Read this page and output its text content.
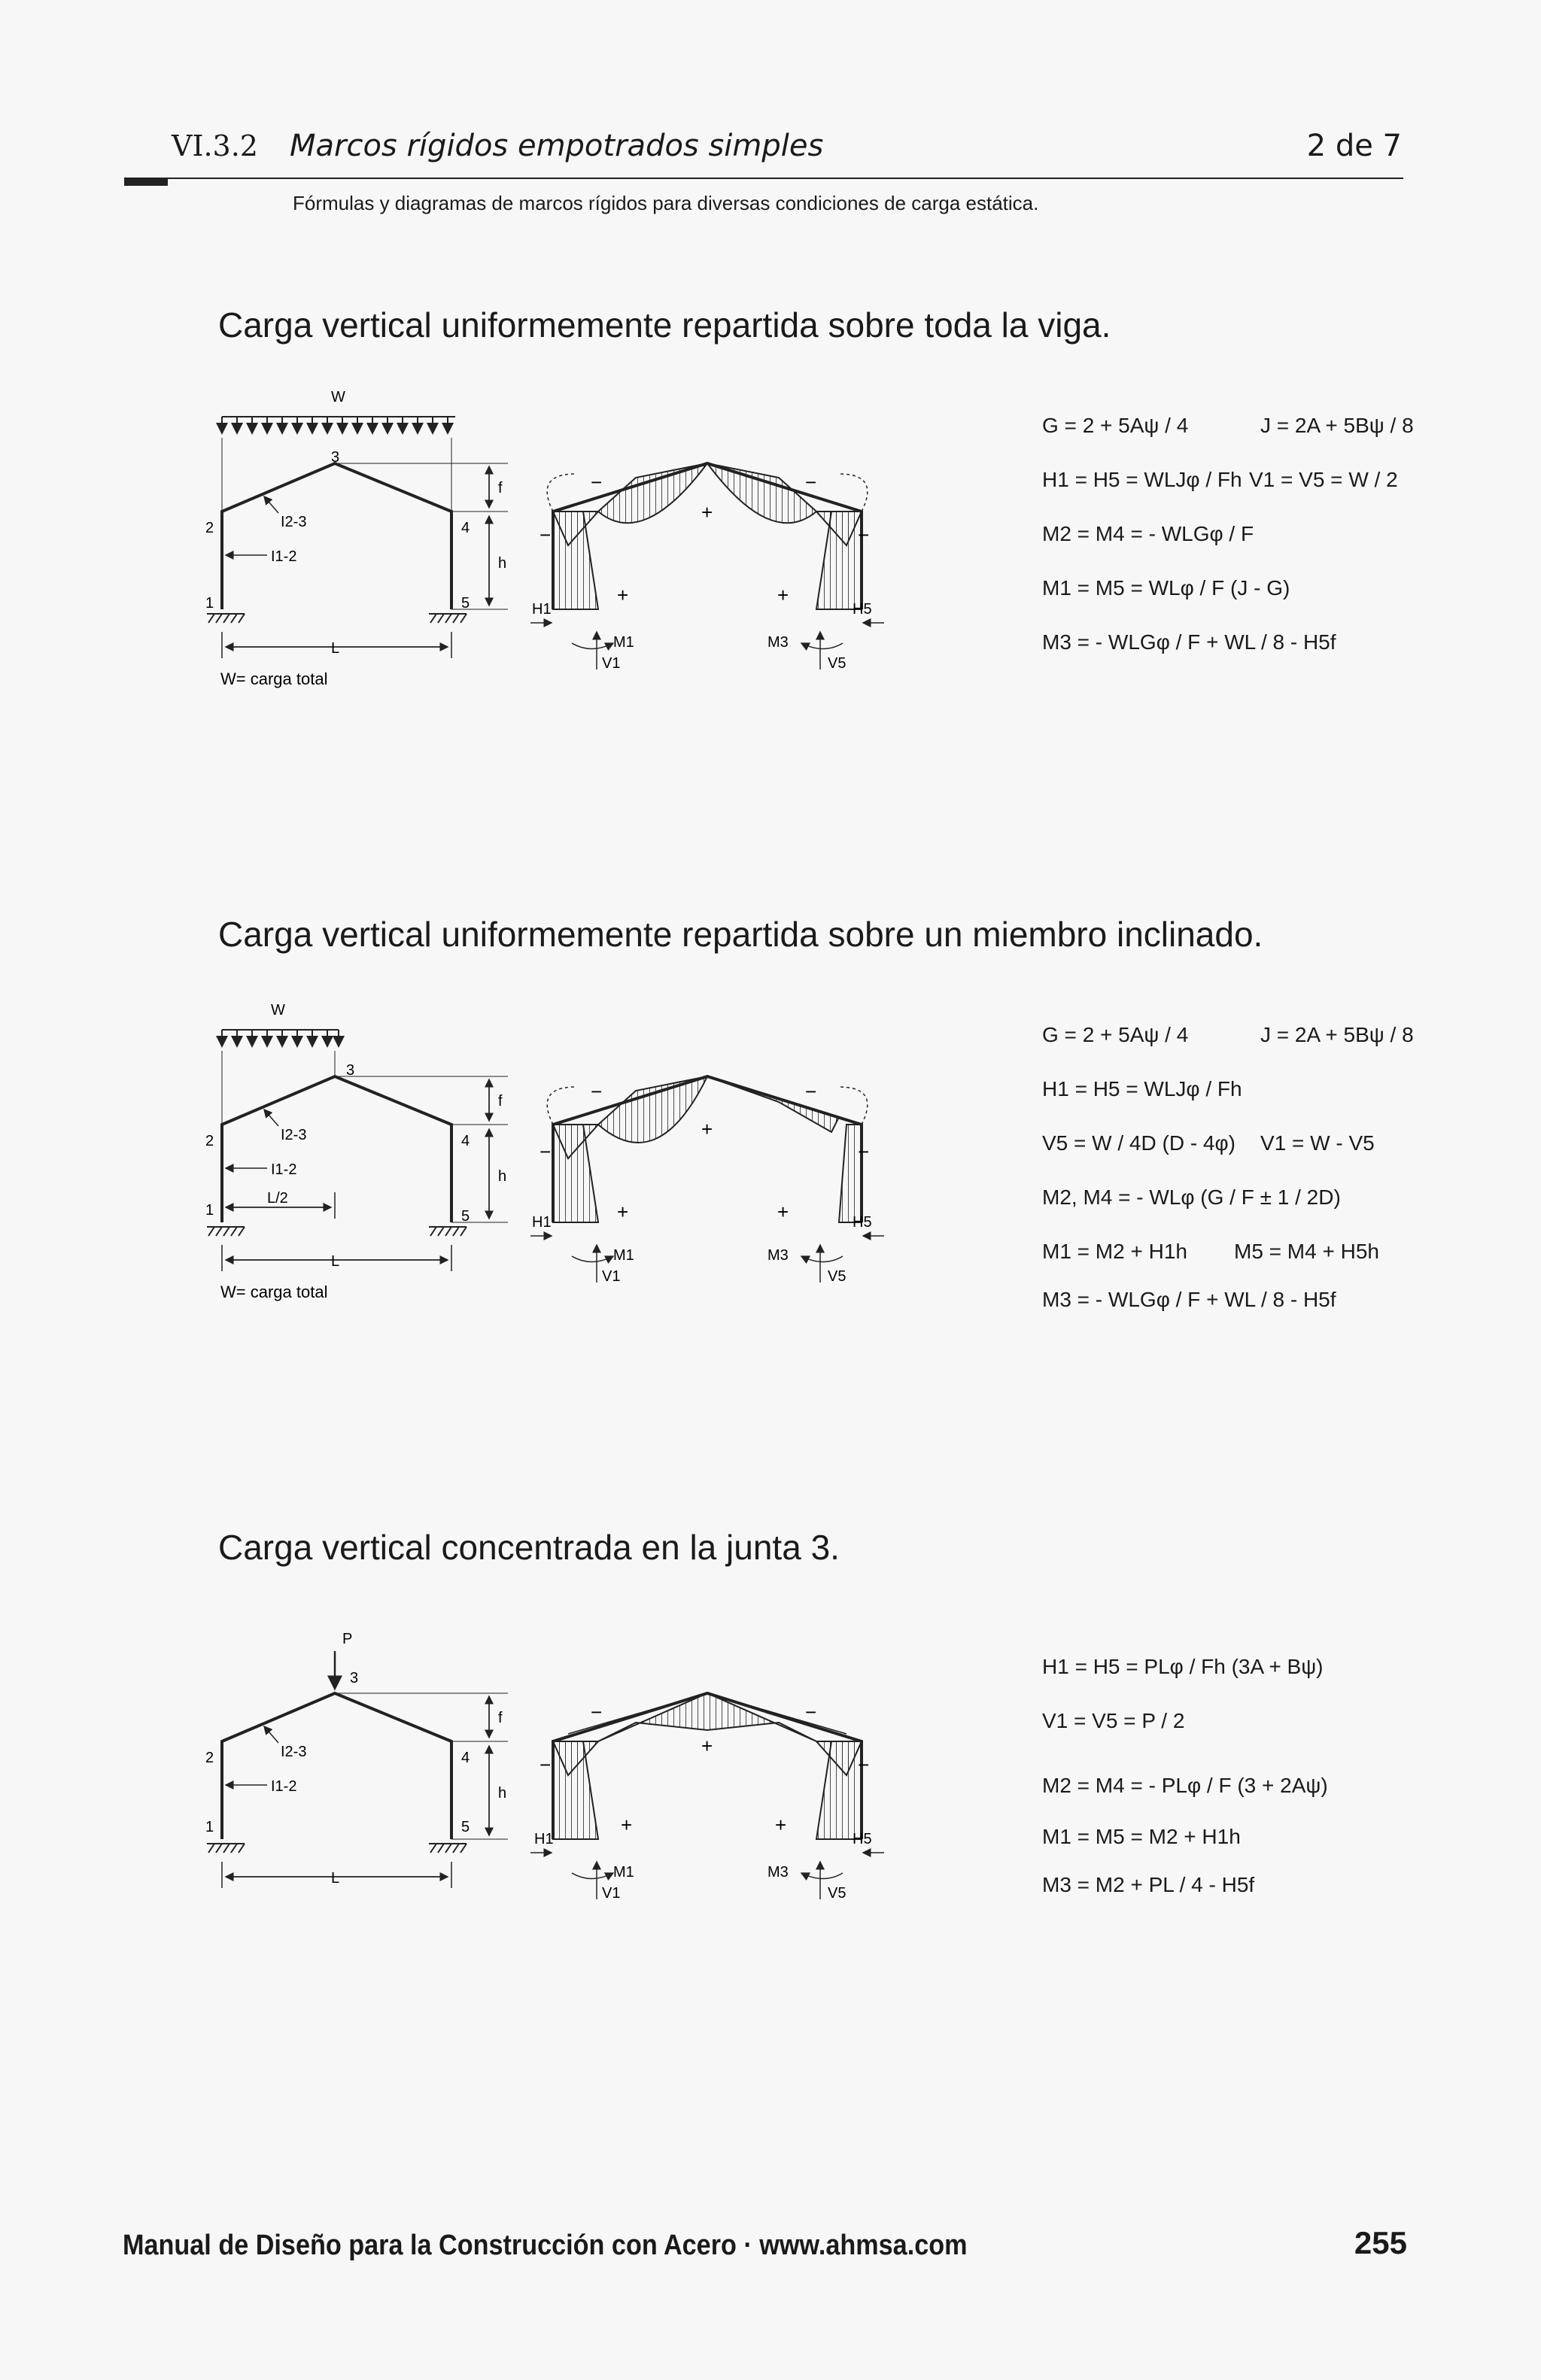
VI.3.2 Marcos rígidos empotrados simples	2 de 7
Fórmulas y diagramas de marcos rígidos para diversas condiciones de carga estática.
Carga vertical uniformemente repartida sobre toda la viga.
W
3
2
1
4
5
I2-3
I1-2
f
h
L
W= carga total
−	−
−	−
+
+	+
H1	H5
M1	M3
V1	V5
G = 2 + 5Aψ / 4	J = 2A + 5Bψ / 8
H1 = H5 = WLJφ / Fh V1 = V5 = W / 2
M2 = M4 = - WLGφ / F
M1 = M5 = WLφ / F (J - G)
M3 = - WLGφ / F + WL / 8 - H5f
Carga vertical uniformemente repartida sobre un miembro inclinado.
W
3
2
1
4
5
I2-3
I1-2
L/2
f
h
L
W= carga total
−	−
−	−
+
+	+
H1	H5
M1	M3
V1	V5
G = 2 + 5Aψ / 4	J = 2A + 5Bψ / 8
H1 = H5 = WLJφ / Fh
V5 = W / 4D (D - 4φ) V1 = W - V5
M2, M4 = - WLφ (G / F ± 1 / 2D)
M1 = M2 + H1h M5 = M4 + H5h
M3 = - WLGφ / F + WL / 8 - H5f
Carga vertical concentrada en la junta 3.
P
3
2
1
4
5
I2-3
I1-2
f
h
L
−	−
−	−
+
+	+
H1	H5
M1	M3
V1	V5
H1 = H5 = PLφ / Fh (3A + Bψ)
V1 = V5 = P / 2
M2 = M4 = - PLφ / F (3 + 2Aψ)
M1 = M5 = M2 + H1h
M3 = M2 + PL / 4 - H5f
Manual de Diseño para la Construcción con Acero · www.ahmsa.com	255
